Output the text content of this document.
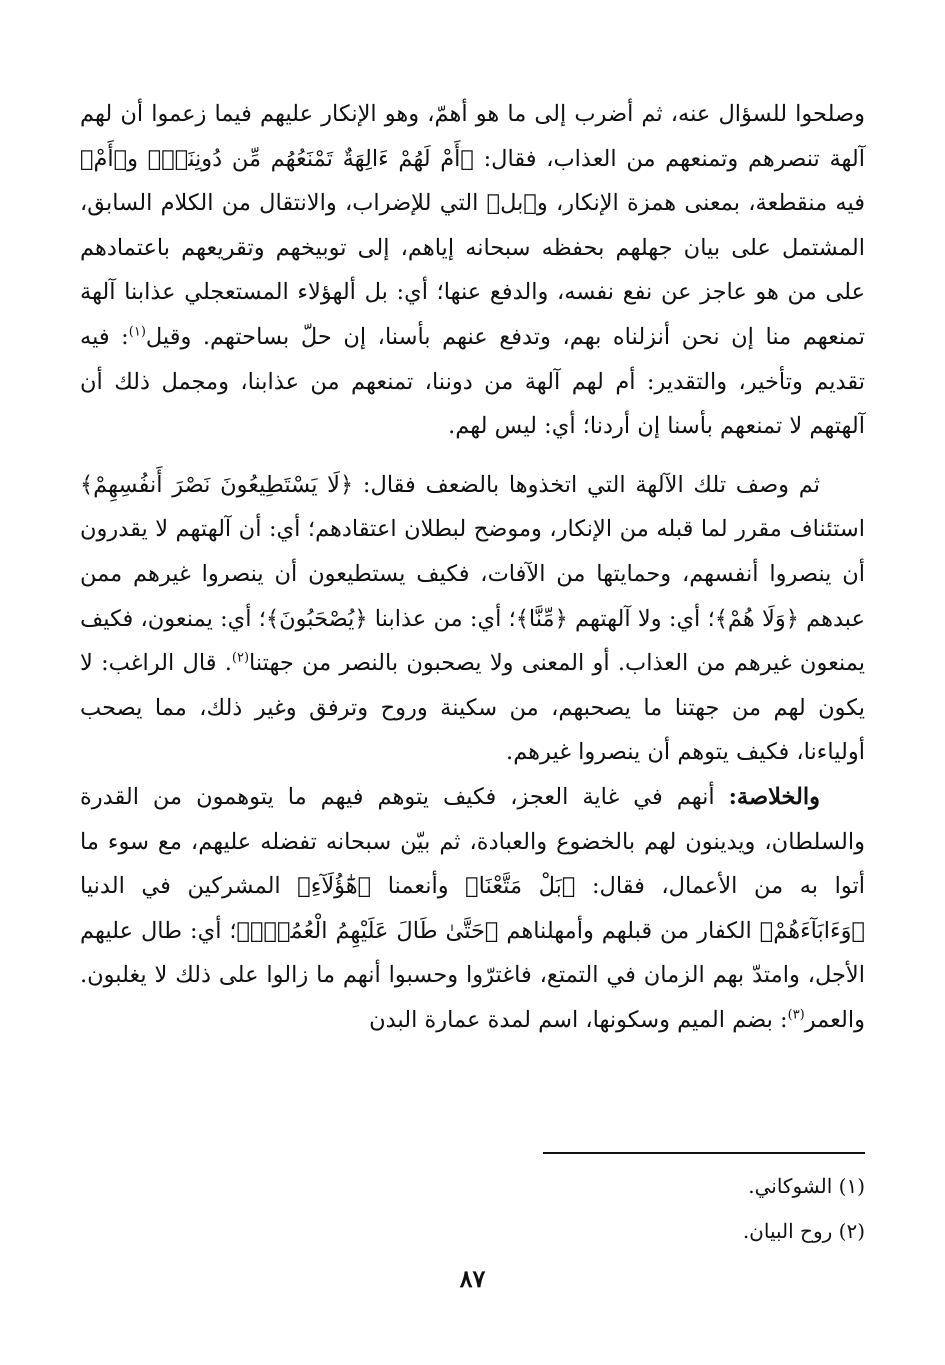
وصلحوا للسؤال عنه، ثم أضرب إلى ما هو أهمّ، وهو الإنكار عليهم فيما زعموا أن لهم آلهة تنصرهم وتمنعهم من العذاب، فقال: ﴿أَمْ لَهُمْ ءَالِهَةٌ تَمْنَعُهُم مِّن دُونِنَاۚ﴾ و﴿أَمْ﴾ فيه منقطعة، بمعنى همزة الإنكار، و﴿بل﴾ التي للإضراب، والانتقال من الكلام السابق، المشتمل على بيان جهلهم بحفظه سبحانه إياهم، إلى توبيخهم وتقريعهم باعتمادهم على من هو عاجز عن نفع نفسه، والدفع عنها؛ أي: بل ألهؤلاء المستعجلي عذابنا آلهة تمنعهم منا إن نحن أنزلناه بهم، وتدفع عنهم بأسنا، إن حلّ بساحتهم. وقيل$^{(١)}$: فيه تقديم وتأخير، والتقدير: أم لهم آلهة من دوننا، تمنعهم من عذابنا، ومجمل ذلك أن آلهتهم لا تمنعهم بأسنا إن أردنا؛ أي: ليس لهم.

ثم وصف تلك الآلهة التي اتخذوها بالضعف فقال: ﴿لَا يَسْتَطِيعُونَ نَصْرَ أَنفُسِهِمْ﴾ استئناف مقرر لما قبله من الإنكار، وموضح لبطلان اعتقادهم؛ أي: أن آلهتهم لا يقدرون أن ينصروا أنفسهم، وحمايتها من الآفات، فكيف يستطيعون أن ينصروا غيرهم ممن عبدهم ﴿وَلَا هُمْ﴾؛ أي: ولا آلهتهم ﴿مِّنَّا﴾؛ أي: من عذابنا ﴿يُصْحَبُونَ﴾؛ أي: يمنعون، فكيف يمنعون غيرهم من العذاب. أو المعنى ولا يصحبون بالنصر من جهتنا$^{(٢)}$. قال الراغب: لا يكون لهم من جهتنا ما يصحبهم، من سكينة وروح وترفق وغير ذلك، مما يصحب أولياءنا، فكيف يتوهم أن ينصروا غيرهم.

والخلاصة: أنهم في غاية العجز، فكيف يتوهم فيهم ما يتوهمون من القدرة والسلطان، ويدينون لهم بالخضوع والعبادة، ثم بيّن سبحانه تفضله عليهم، مع سوء ما أتوا به من الأعمال، فقال: ﴿بَلْ مَتَّعْنَا﴾ وأنعمنا ﴿هَٰٓؤُلَآءِ﴾ المشركين في الدنيا ﴿وَءَابَآءَهُمْ﴾ الكفار من قبلهم وأمهلناهم ﴿حَتَّىٰ طَالَ عَلَيْهِمُ الْعُمُرُۗ﴾؛ أي: طال عليهم الأجل، وامتدّ بهم الزمان في التمتع، فاغترّوا وحسبوا أنهم ما زالوا على ذلك لا يغلبون. والعمر$^{(٣)}$: بضم الميم وسكونها، اسم لمدة عمارة البدن

(١) الشوكاني.

(٢) روح البيان.

٨٧
